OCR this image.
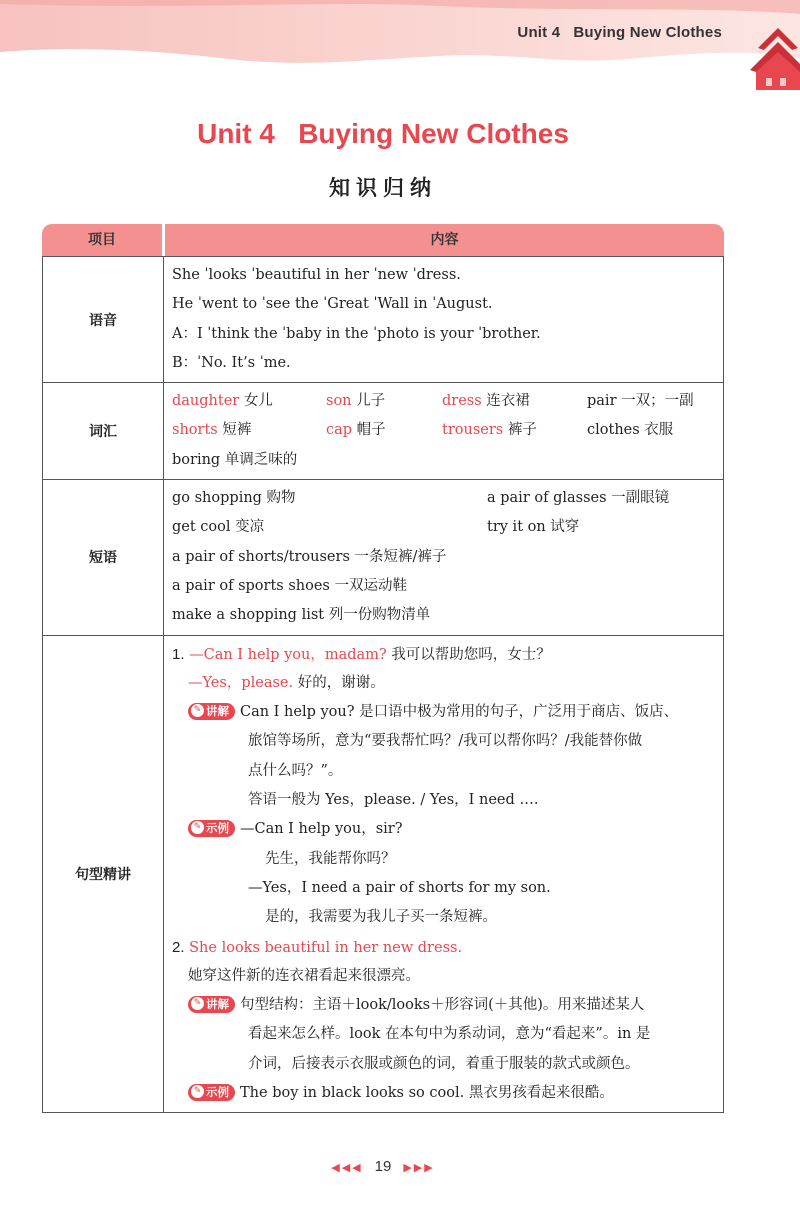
Unit 4   Buying New Clothes
Unit 4   Buying New Clothes
知识归纳
项目	内容
语音
She ˈlooks ˈbeautiful in her ˈnew ˈdress.
He ˈwent to ˈsee the ˈGreat ˈWall in ˈAugust.
A：I ˈthink the ˈbaby in the ˈphoto is your ˈbrother.
B：ˈNo. It’s ˈme.
词汇
daughter 女儿	son 儿子	dress 连衣裙	pair 一双；一副
shorts 短裤	cap 帽子	trousers 裤子	clothes 衣服
boring 单调乏味的
短语
go shopping 购物	a pair of glasses 一副眼镜
get cool 变凉	try it on 试穿
a pair of shorts/trousers 一条短裤/裤子
a pair of sports shoes 一双运动鞋
make a shopping list 列一份购物清单
句型精讲
1. —Can I help you，madam? 我可以帮助您吗，女士？
—Yes，please. 好的，谢谢。
✎ 讲解 Can I help you? 是口语中极为常用的句子，广泛用于商店、饭店、
旅馆等场所，意为“要我帮忙吗？/我可以帮你吗？/我能替你做
点什么吗？”。
答语一般为 Yes，please. / Yes，I need ….
✎ 示例 —Can I help you，sir?
先生，我能帮你吗？
—Yes，I need a pair of shorts for my son.
是的，我需要为我儿子买一条短裤。
2. She looks beautiful in her new dress.
她穿这件新的连衣裙看起来很漂亮。
✎ 讲解 句型结构：主语＋look/looks＋形容词(＋其他)。用来描述某人
看起来怎么样。look 在本句中为系动词，意为“看起来”。in 是
介词，后接表示衣服或颜色的词，着重于服装的款式或颜色。
✎ 示例 The boy in black looks so cool. 黑衣男孩看起来很酷。
◀◀◀ 19 ▶▶▶
